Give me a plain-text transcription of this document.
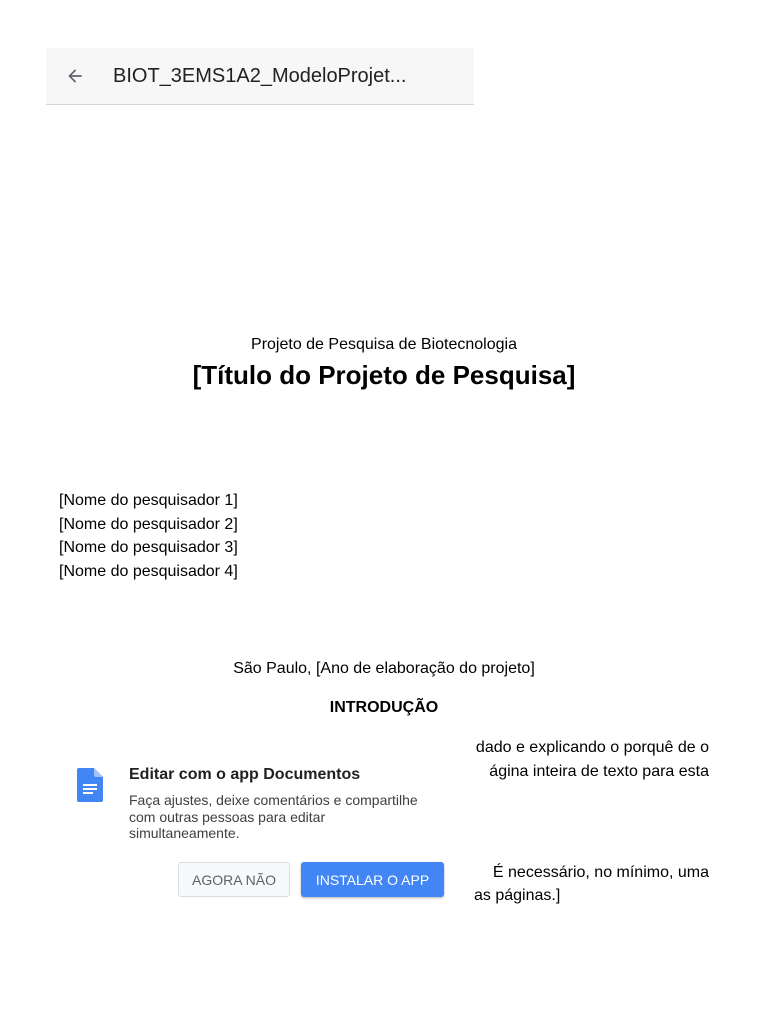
BIOT_3EMS1A2_ModeloProjet...
Projeto de Pesquisa de Biotecnologia
[Título do Projeto de Pesquisa]
[Nome do pesquisador 1]
[Nome do pesquisador 2]
[Nome do pesquisador 3]
[Nome do pesquisador 4]
São Paulo, [Ano de elaboração do projeto]
INTRODUÇÃO
dado e explicando o porquê de o
ágina inteira de texto para esta
É necessário, no mínimo, uma
as páginas.]
Editar com o app Documentos
Faça ajustes, deixe comentários e compartilhe com outras pessoas para editar simultaneamente.
AGORA NÃO	INSTALAR O APP
